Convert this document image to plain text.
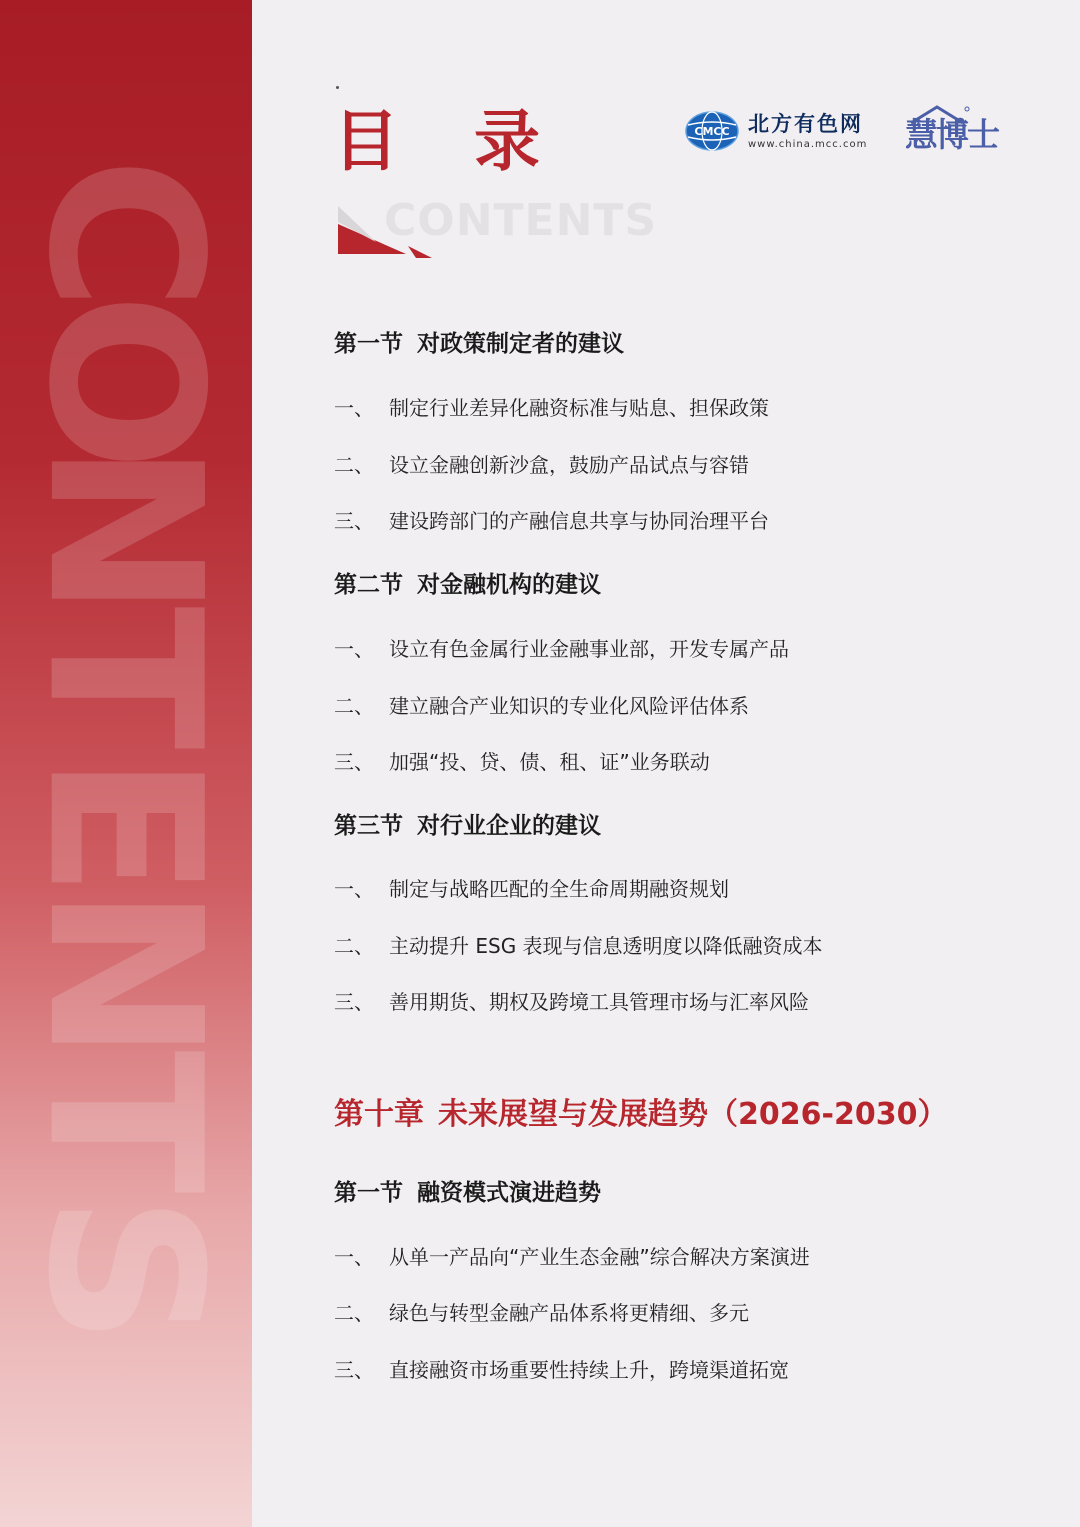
C
O
N
T
E
N
T
S
目 录
CONTENTS
CMCC 北方有色网
www.china.mcc.com 慧博士
第一节 对政策制定者的建议
一、 制定行业差异化融资标准与贴息、担保政策
二、 设立金融创新沙盒，鼓励产品试点与容错
三、 建设跨部门的产融信息共享与协同治理平台
第二节 对金融机构的建议
一、 设立有色金属行业金融事业部，开发专属产品
二、 建立融合产业知识的专业化风险评估体系
三、 加强“投、贷、债、租、证”业务联动
第三节 对行业企业的建议
一、 制定与战略匹配的全生命周期融资规划
二、 主动提升 ESG 表现与信息透明度以降低融资成本
三、 善用期货、期权及跨境工具管理市场与汇率风险
第十章 未来展望与发展趋势（2026-2030）
第一节 融资模式演进趋势
一、 从单一产品向“产业生态金融”综合解决方案演进
二、 绿色与转型金融产品体系将更精细、多元
三、 直接融资市场重要性持续上升，跨境渠道拓宽
